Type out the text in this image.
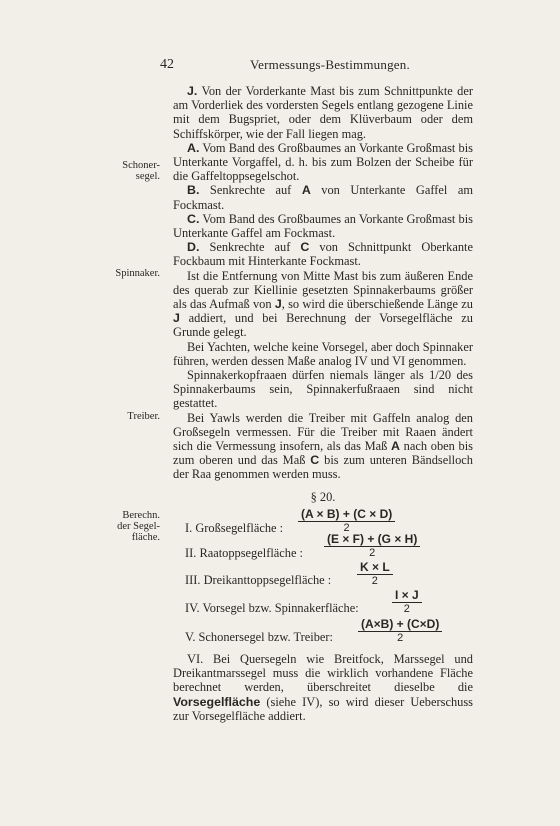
42	Vermessungs-Bestimmungen.
Schoner-
segel.
Spinnaker.
Treiber.
Berechn.
der Segel-
fläche.

J. Von der Vorderkante Mast bis zum Schnittpunkte der am Vorderliek des vordersten Segels entlang gezogene Linie mit dem Bugspriet, oder dem Klüverbaum oder dem Schiffskörper, wie der Fall liegen mag.

A. Vom Band des Großbaumes an Vorkante Großmast bis Unterkante Vorgaffel, d. h. bis zum Bolzen der Scheibe für die Gaffeltoppsegelschot.

B. Senkrechte auf A von Unterkante Gaffel am Fockmast.

C. Vom Band des Großbaumes an Vorkante Großmast bis Unterkante Gaffel am Fockmast.

D. Senkrechte auf C von Schnittpunkt Oberkante Fockbaum mit Hinterkante Fockmast.

Ist die Entfernung von Mitte Mast bis zum äußeren Ende des querab zur Kiellinie gesetzten Spinnakerbaums größer als das Aufmaß von J, so wird die überschießende Länge zu J addiert, und bei Berechnung der Vorsegelfläche zu Grunde gelegt.

Bei Yachten, welche keine Vorsegel, aber doch Spinnaker führen, werden dessen Maße analog IV und VI genommen.

Spinnakerkopfraaen dürfen niemals länger als 1/20 des Spinnakerbaums sein, Spinnakerfußraaen sind nicht gestattet.

Bei Yawls werden die Treiber mit Gaffeln analog den Großsegeln vermessen. Für die Treiber mit Raaen ändert sich die Vermessung insofern, als das Maß A nach oben bis zum oberen und das Maß C bis zum unteren Bändselloch der Raa genommen werden muss.

§ 20.
I. Großsegelfläche : $\frac{(A \times B) + (C \times D)}{2}$
II. Raatoppsegelfläche : $\frac{(E \times F) + (G \times H)}{2}$
III. Dreikanttoppsegelfläche : $\frac{K \times L}{2}$
IV. Vorsegel bzw. Spinnakerfläche:	$\frac{I \times J}{2}$
V. Schonersegel bzw. Treiber: $\frac{(A\times B) + (C\times D)}{2}$

VI. Bei Quersegeln wie Breitfock, Marssegel und Dreikantmarssegel muss die wirklich vorhandene Fläche berechnet werden, überschreitet dieselbe die Vorsegelfläche (siehe IV), so wird dieser Ueberschuss zur Vorsegelfläche addiert.
